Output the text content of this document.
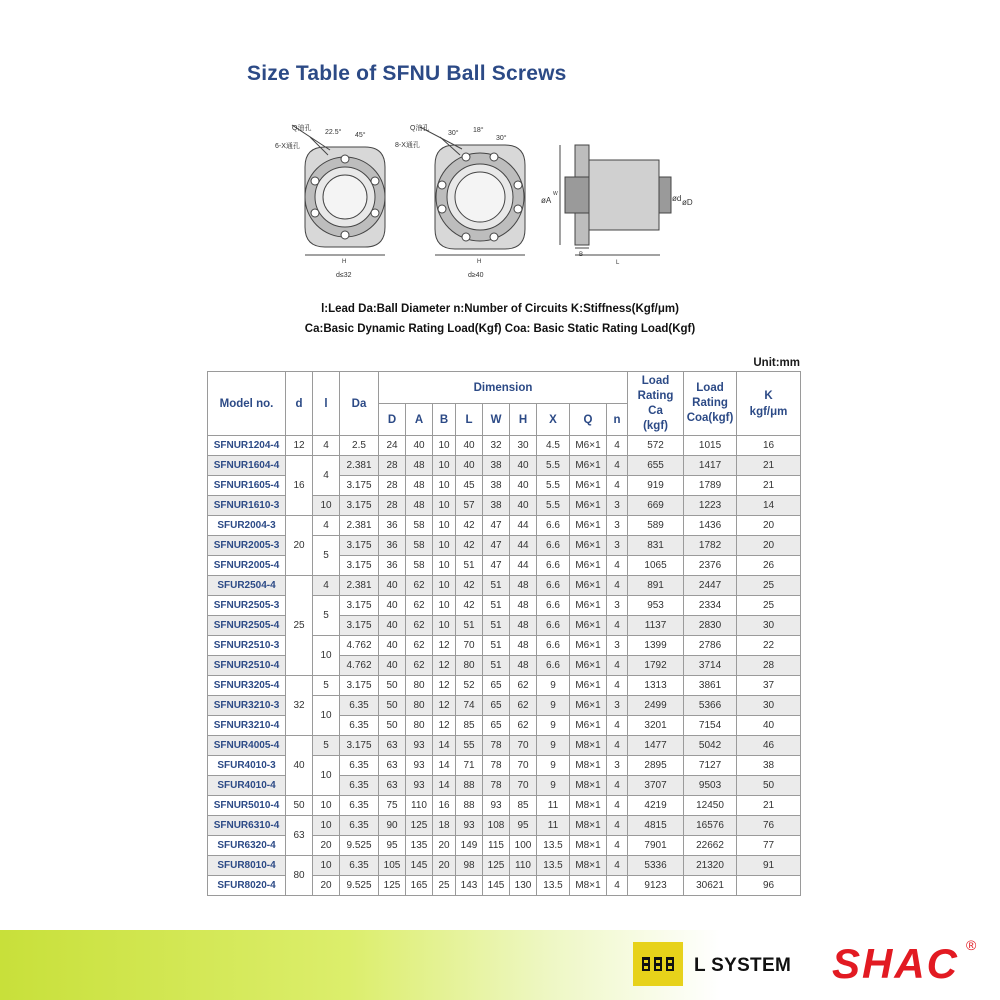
Size Table of SFNU Ball Screws
Q油孔
6-X通孔
22.5° 45°
H
d≤32
Q油孔
8-X通孔
30° 18°
30°
H
d≥40
øA
W
B
L
ød øD
l:Lead Da:Ball Diameter n:Number of Circuits K:Stiffness(Kgf/μm)
Ca:Basic Dynamic Rating Load(Kgf) Coa: Basic Static Rating Load(Kgf)
Unit:mm
Model no.	d	l	Da	Dimension									Load
Rating
Ca
(kgf)	Load
Rating
Coa(kgf)	K
kgf/μm
				D	A	B	L	W	H	X	Q	n			
SFNUR1204-4	12	4	2.5	24	40	10	40	32	30	4.5	M6×1	4	572	1015	16
SFNUR1604-4	16	4	2.381	28	48	10	40	38	40	5.5	M6×1	4	655	1417	21
SFNUR1605-4			3.175	28	48	10	45	38	40	5.5	M6×1	4	919	1789	21
SFNUR1610-3		10	3.175	28	48	10	57	38	40	5.5	M6×1	3	669	1223	14
SFUR2004-3	20	4	2.381	36	58	10	42	47	44	6.6	M6×1	3	589	1436	20
SFNUR2005-3		5	3.175	36	58	10	42	47	44	6.6	M6×1	3	831	1782	20
SFNUR2005-4			3.175	36	58	10	51	47	44	6.6	M6×1	4	1065	2376	26
SFUR2504-4	25	4	2.381	40	62	10	42	51	48	6.6	M6×1	4	891	2447	25
SFNUR2505-3		5	3.175	40	62	10	42	51	48	6.6	M6×1	3	953	2334	25
SFNUR2505-4			3.175	40	62	10	51	51	48	6.6	M6×1	4	1137	2830	30
SFNUR2510-3		10	4.762	40	62	12	70	51	48	6.6	M6×1	3	1399	2786	22
SFNUR2510-4			4.762	40	62	12	80	51	48	6.6	M6×1	4	1792	3714	28
SFNUR3205-4	32	5	3.175	50	80	12	52	65	62	9	M6×1	4	1313	3861	37
SFNUR3210-3		10	6.35	50	80	12	74	65	62	9	M6×1	3	2499	5366	30
SFNUR3210-4			6.35	50	80	12	85	65	62	9	M6×1	4	3201	7154	40
SFNUR4005-4	40	5	3.175	63	93	14	55	78	70	9	M8×1	4	1477	5042	46
SFUR4010-3		10	6.35	63	93	14	71	78	70	9	M8×1	3	2895	7127	38
SFUR4010-4			6.35	63	93	14	88	78	70	9	M8×1	4	3707	9503	50
SFNUR5010-4	50	10	6.35	75	110	16	88	93	85	11	M8×1	4	4219	12450	21
SFNUR6310-4	63	10	6.35	90	125	18	93	108	95	11	M8×1	4	4815	16576	76
SFUR6320-4		20	9.525	95	135	20	149	115	100	13.5	M8×1	4	7901	22662	77
SFUR8010-4	80	10	6.35	105	145	20	98	125	110	13.5	M8×1	4	5336	21320	91
SFUR8020-4		20	9.525	125	165	25	143	145	130	13.5	M8×1	4	9123	30621	96
L SYSTEM SHAC ®
